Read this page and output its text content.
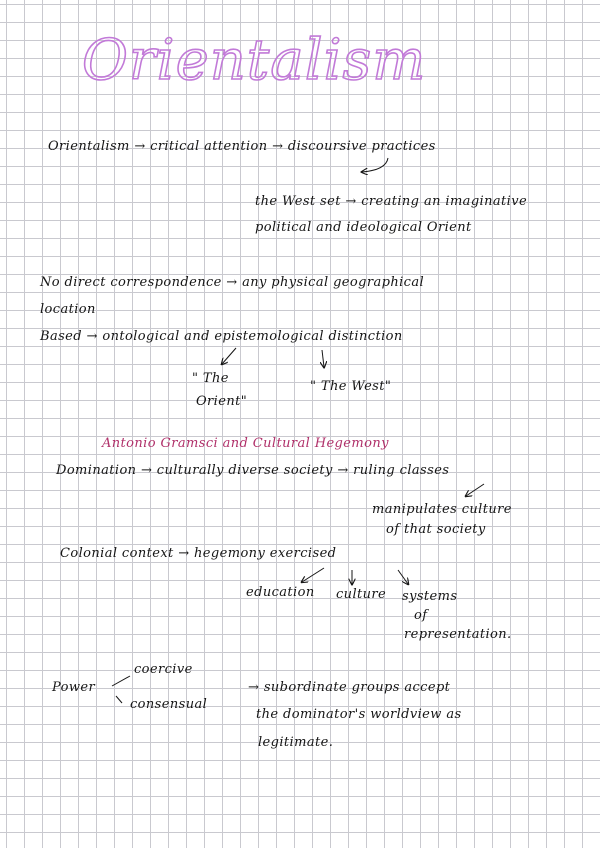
Orientalism
Orientalism → critical attention → discoursive practices
the West set → creating an imaginative
political and ideological Orient
No direct correspondence → any physical geographical
location
Based → ontological and epistemological distinction
" The
Orient"
" The West"
Antonio Gramsci and Cultural Hegemony
Domination → culturally diverse society → ruling classes
manipulates culture
of that society
Colonial context → hegemony exercised
education culture systems
of
representation.
coercive
Power
consensual
→ subordinate groups accept
the dominator's worldview as
legitimate.
